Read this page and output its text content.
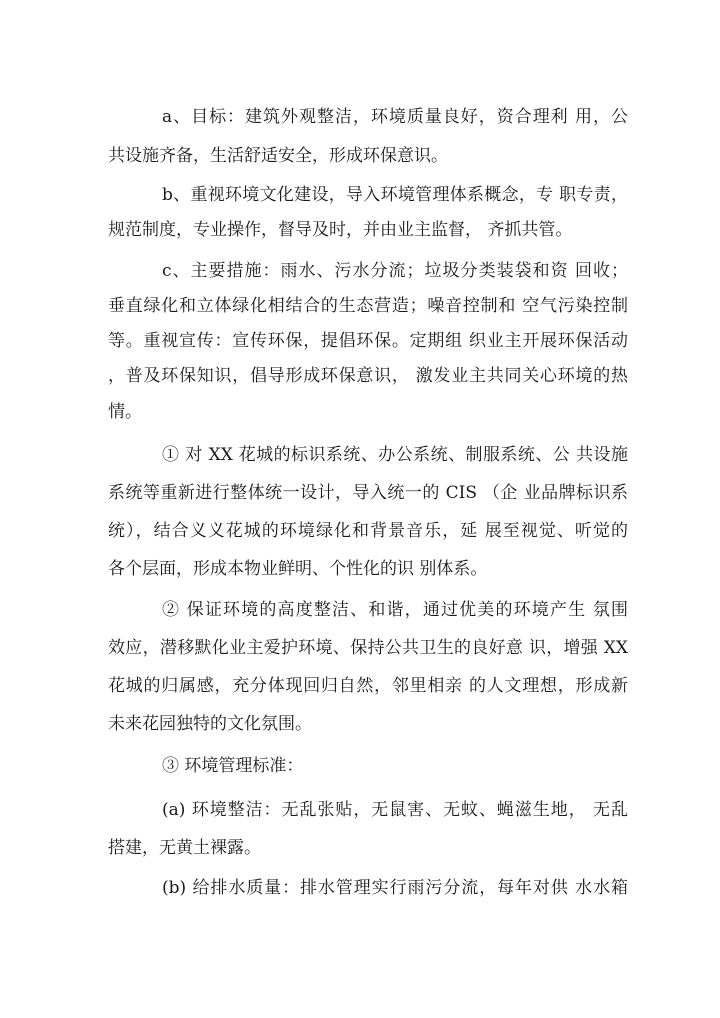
a、目标：建筑外观整洁，环境质量良好，资合理利 用，公
共设施齐备，生活舒适安全，形成环保意识。
b、重视环境文化建设，导入环境管理体系概念，专 职专责，
规范制度，专业操作，督导及时，并由业主监督， 齐抓共管。
c、主要措施：雨水、污水分流；垃圾分类装袋和资 回收；
垂直绿化和立体绿化相结合的生态营造；噪音控制和 空气污染控制
等。重视宣传：宣传环保，提倡环保。定期组 织业主开展环保活动
，普及环保知识，倡导形成环保意识， 激发业主共同关心环境的热
情。
① 对 XX 花城的标识系统、办公系统、制服系统、公 共设施
系统等重新进行整体统一设计，导入统一的 CIS （企 业品牌标识系
统），结合义义花城的环境绿化和背景音乐，延 展至视觉、听觉的
各个层面，形成本物业鲜明、个性化的识 别体系。
② 保证环境的高度整洁、和谐，通过优美的环境产生 氛围
效应，潜移默化业主爱护环境、保持公共卫生的良好意 识，增强 XX
花城的归属感，充分体现回归自然，邻里相亲 的人文理想，形成新
未来花园独特的文化氛围。
③ 环境管理标准：
(a) 环境整洁：无乱张贴，无鼠害、无蚊、蝇滋生地， 无乱
搭建，无黄土裸露。
(b) 给排水质量：排水管理实行雨污分流，每年对供 水水箱
